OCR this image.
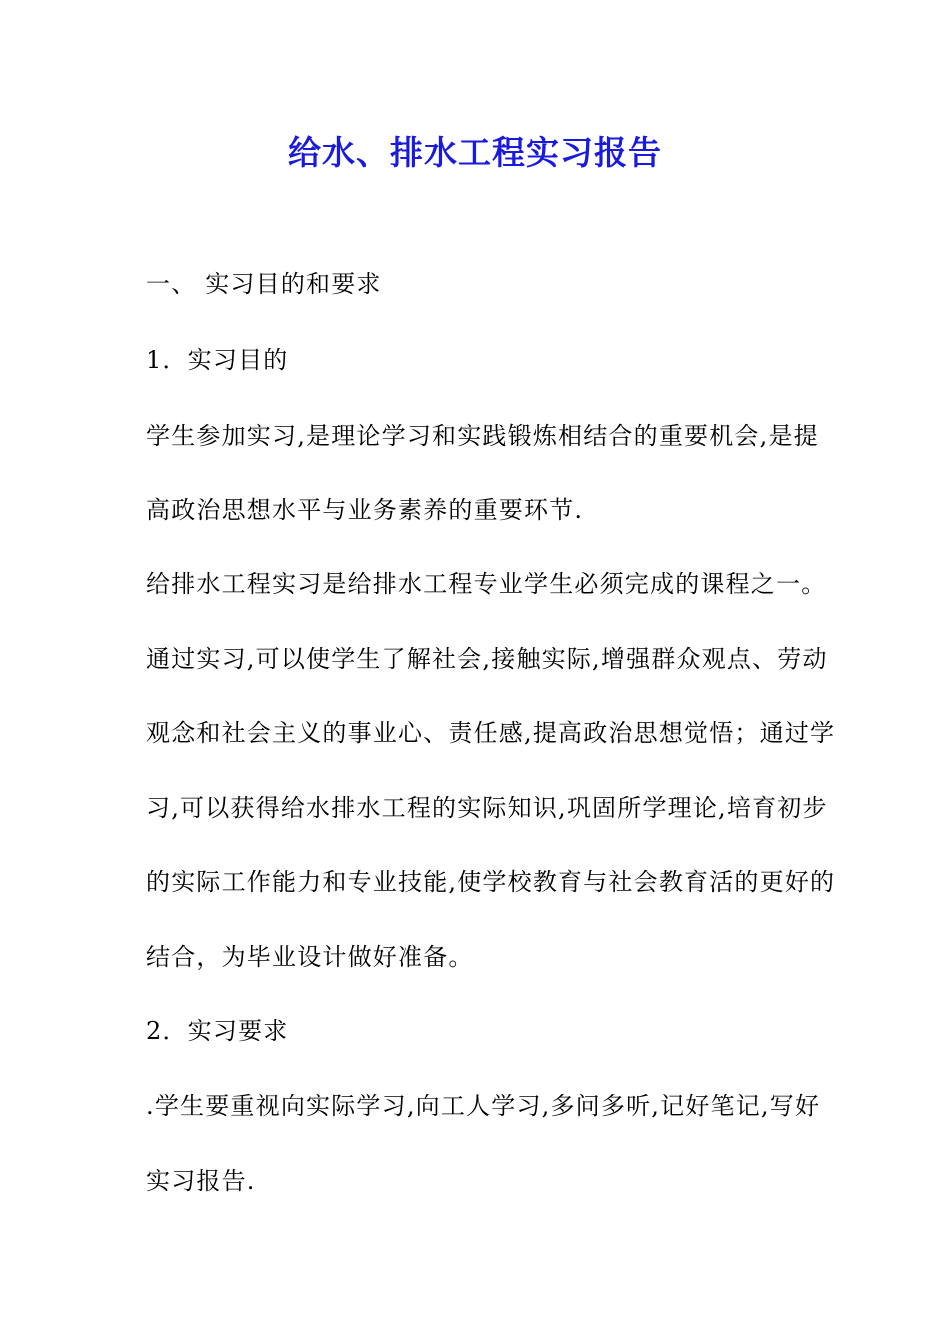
给水、排水工程实习报告
一、 实习目的和要求
1．实习目的
学生参加实习,是理论学习和实践锻炼相结合的重要机会,是提
高政治思想水平与业务素养的重要环节.
给排水工程实习是给排水工程专业学生必须完成的课程之一。
通过实习,可以使学生了解社会,接触实际,增强群众观点、劳动
观念和社会主义的事业心、责任感,提高政治思想觉悟；通过学
习,可以获得给水排水工程的实际知识,巩固所学理论,培育初步
的实际工作能力和专业技能,使学校教育与社会教育活的更好的
结合，为毕业设计做好准备。
2．实习要求
.学生要重视向实际学习,向工人学习,多问多听,记好笔记,写好
实习报告.
